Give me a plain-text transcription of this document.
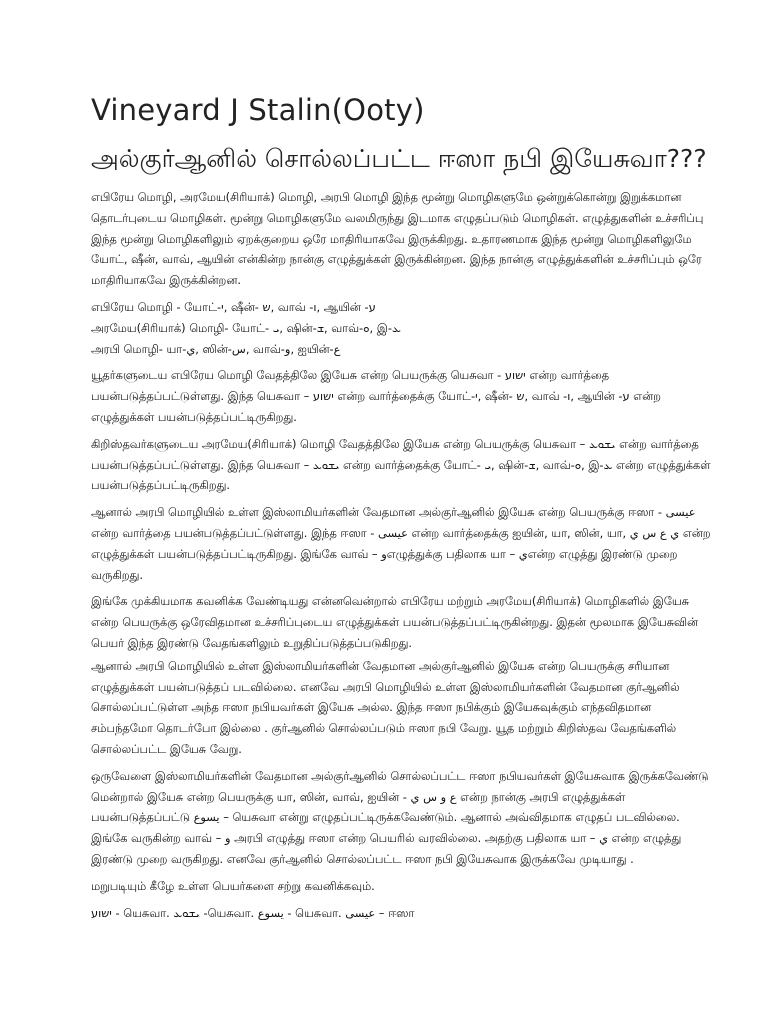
Vineyard J Stalin(Ooty)
அல்குர்ஆனில் சொல்லப்பட்ட ஈஸா நபி இயேசுவா???
எபிரேய மொழி, அரமேய(சிரியாக்) மொழி, அரபி மொழி இந்த மூன்று மொழிகளுமே ஒன்றுக்கொன்று இறுக்கமான தொடர்புடைய மொழிகள். மூன்று மொழிகளுமே வலமிருந்து இடமாக எழுதப்படும் மொழிகள். எழுத்துகளின் உச்சரிப்பு இந்த மூன்று மொழிகளிலும் ஏறக்குறைய ஒரே மாதிரியாகவே இருக்கிறது. உதாரணமாக இந்த மூன்று மொழிகளிலுமே யோட், ஷீன், வாவ், ஆயின் என்கின்ற நான்கு எழுத்துக்கள் இருக்கின்றன. இந்த நான்கு எழுத்துக்களின் உச்சரிப்பும் ஒரே மாதிரியாகவே இருக்கின்றன.
எபிரேய மொழி - யோட்-י, ஷீன்- ש, வாவ் -ו, ஆயின் -ע
அரமேய(சிரியாக்) மொழி- யோட்- ܝ, ஷின்-ܫ, வாவ்-ܘ, இ-ܥ
அரபி மொழி- யா-ي, ஸின்-س, வாவ்-و, ஐயின்-ع
யூதர்களுடைய எபிரேய மொழி வேதத்திலே இயேசு என்ற பெயருக்கு யெசுவா - ישוע என்ற வார்த்தை பயன்படுத்தப்பட்டுள்ளது. இந்த யெசுவா – ישוע என்ற வார்த்தைக்கு யோட்-י, ஷீன்- ש, வாவ் -ו, ஆயின் -ע என்ற எழுத்துக்கள் பயன்படுத்தப்பட்டிருகிறது.
கிறிஸ்தவர்களுடைய அரமேய(சிரியாக்) மொழி வேதத்திலே இயேசு என்ற பெயருக்கு யெசுவா – ܝܫܘܥ என்ற வார்த்தை பயன்படுத்தப்பட்டுள்ளது. இந்த யெசுவா – ܝܫܘܥ என்ற வார்த்தைக்கு யோட்- ܝ, ஷின்-ܫ, வாவ்-ܘ, இ-ܥ என்ற எழுத்துக்கள் பயன்படுத்தப்பட்டிருகிறது.
ஆனால் அரபி மொழியில் உள்ள இஸ்லாமியர்களின் வேதமான அல்குர்ஆனில் இயேசு என்ற பெயருக்கு ஈஸா - عيسى என்ற வார்த்தை பயன்படுத்தப்பட்டுள்ளது. இந்த ஈஸா - عيسى என்ற வார்த்தைக்கு ஐயின், யா, ஸின், யா, ي ع س ي என்ற எழுத்துக்கள் பயன்படுத்தப்பட்டிருகிறது. இங்கே வாவ் – وஎழுத்துக்கு பதிலாக யா – يஎன்ற எழுத்து இரண்டு முறை வருகிறது.
இங்கே முக்கியமாக கவனிக்க வேண்டியது என்னவென்றால் எபிரேய மற்றும் அரமேய(சிரியாக்) மொழிகளில் இயேசு என்ற பெயருக்கு ஒரேவிதமான உச்சரிப்புடைய எழுத்துக்கள் பயன்படுத்தப்பட்டிருகின்றது. இதன் மூலமாக இயேசுவின் பெயர் இந்த இரண்டு வேதங்களிலும் உறுதிப்படுத்தப்படுகிறது.
ஆனால் அரபி மொழியில் உள்ள இஸ்லாமியர்களின் வேதமான அல்குர்ஆனில் இயேசு என்ற பெயருக்கு சரியான எழுத்துக்கள் பயன்படுத்தப் படவில்லை. எனவே அரபி மொழியில் உள்ள இஸ்லாமியர்களின் வேதமான குர்ஆனில் சொல்லப்பட்டுள்ள அந்த ஈஸா நபியவர்கள் இயேசு அல்ல. இந்த ஈஸா நபிக்கும் இயேசுவுக்கும் எந்தவிதமான சம்பந்தமோ தொடர்போ இல்லை . குர்ஆனில் சொல்லப்படும் ஈஸா நபி வேறு. யூத மற்றும் கிறிஸ்தவ வேதங்களில் சொல்லப்பட்ட இயேசு வேறு.
ஒருவேளை இஸ்லாமியர்களின் வேதமான அல்குர்ஆனில் சொல்லப்பட்ட ஈஸா நபியவர்கள் இயேசுவாக இருக்கவேண்டு மென்றால் இயேசு என்ற பெயருக்கு யா, ஸின், வாவ், ஐயின் - ع و س ي என்ற நான்கு அரபி எழுத்துக்கள் பயன்படுத்தப்பட்டு يسوع – யெசுவா என்று எழுதப்பட்டிருக்கவேண்டும். ஆனால் அவ்விதமாக எழுதப் படவில்லை. இங்கே வருகின்ற வாவ் – و அரபி எழுத்து ஈஸா என்ற பெயரில் வரவில்லை. அதற்கு பதிலாக யா – ي என்ற எழுத்து இரண்டு முறை வருகிறது. எனவே குர்ஆனில் சொல்லப்பட்ட ஈஸா நபி இயேசுவாக இருக்கவே முடியாது .
மறுபடியும் கீழே உள்ள பெயர்களை சற்று கவனிக்கவும்.
ישוע - யெசுவா. ܝܫܘܥ -யெசுவா. يسوع - யெசுவா. عيسى – ஈஸா
